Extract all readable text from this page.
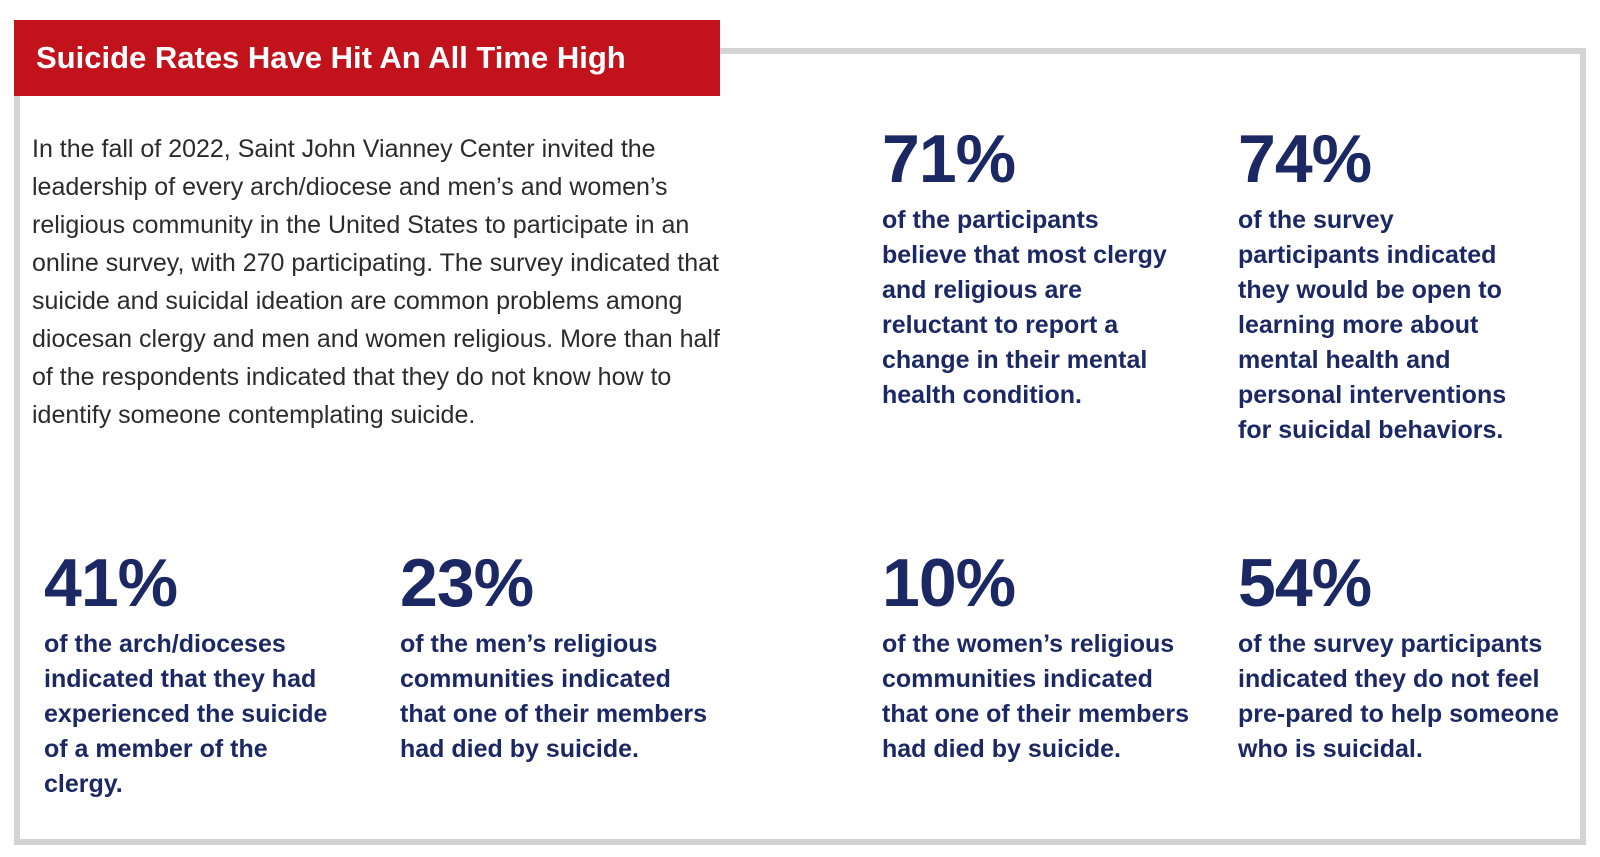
Suicide Rates Have Hit An All Time High

In the fall of 2022, Saint John Vianney Center invited the leadership of every arch/diocese and men’s and women’s religious community in the United States to participate in an online survey, with 270 participating. The survey indicated that suicide and suicidal ideation are common problems among diocesan clergy and men and women religious. More than half of the respondents indicated that they do not know how to identify someone contemplating suicide.

71%
of the participants believe that most clergy and religious are reluctant to report a change in their mental health condition.
74%
of the survey participants indicated they would be open to learning more about mental health and personal interventions for suicidal behaviors.
41%
of the arch/dioceses indicated that they had experienced the suicide of a member of the clergy.
23%
of the men’s religious communities indicated that one of their members had died by suicide.
10%
of the women’s religious communities indicated that one of their members had died by suicide.
54%
of the survey participants indicated they do not feel pre-pared to help someone who is suicidal.
